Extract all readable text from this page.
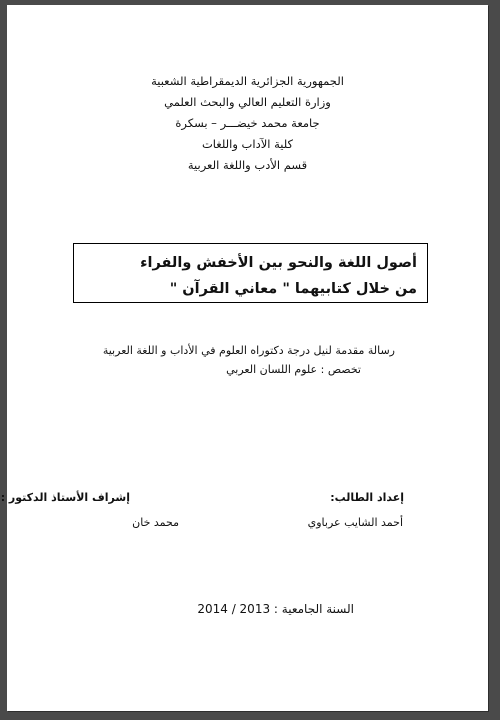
الجمهورية الجزائرية الديمقراطية الشعبية
وزارة التعليم العالي والبحث العلمي
جامعة محمد خيضـــر – بسكرة
كلية الآداب واللغات
قسم الأدب واللغة العربية
أصول اللغة والنحو بين الأخفش والفراء
من خلال كتابيهما " معاني القرآن "
رسالة مقدمة لنيل درجة دكتوراه العلوم في الأداب و اللغة العربية
تخصص : علوم اللسان العربي
إعداد الطالب:
أحمد الشايب عرباوي
إشراف الأستاذ الدكتور :
محمد خان
السنة الجامعية : 2013 / 2014
